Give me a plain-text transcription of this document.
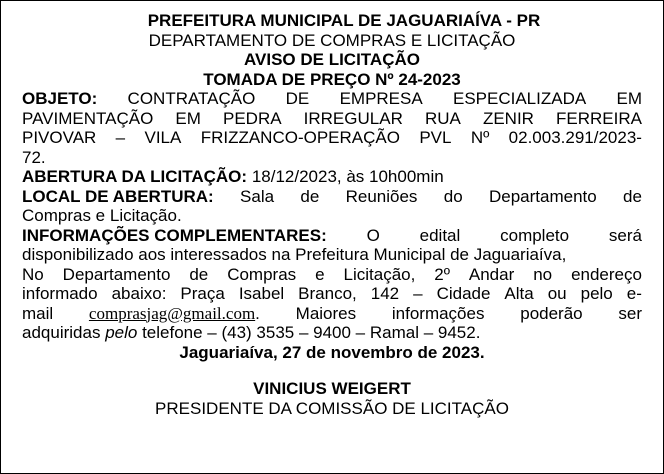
PREFEITURA MUNICIPAL DE JAGUARIAÍVA - PR
DEPARTAMENTO DE COMPRAS E LICITAÇÃO
AVISO DE LICITAÇÃO
TOMADA DE PREÇO Nº 24-2023
OBJETO: CONTRATAÇÃO DE EMPRESA ESPECIALIZADA EM
PAVIMENTAÇÃO EM PEDRA IRREGULAR RUA ZENIR FERREIRA
PIVOVAR – VILA FRIZZANCO-OPERAÇÃO PVL Nº 02.003.291/2023-
72.
ABERTURA DA LICITAÇÃO: 18/12/2023, às 10h00min
LOCAL DE ABERTURA: Sala de Reuniões do Departamento de
Compras e Licitação.
INFORMAÇÕES COMPLEMENTARES: O edital completo será
disponibilizado aos interessados na Prefeitura Municipal de Jaguariaíva,
No Departamento de Compras e Licitação, 2º Andar no endereço
informado abaixo: Praça Isabel Branco, 142 – Cidade Alta ou pelo e-
mail comprasjag@gmail.com. Maiores informações poderão ser
adquiridas pelo telefone – (43) 3535 – 9400 – Ramal – 9452.
Jaguariaíva, 27 de novembro de 2023.
VINICIUS WEIGERT
PRESIDENTE DA COMISSÃO DE LICITAÇÃO
